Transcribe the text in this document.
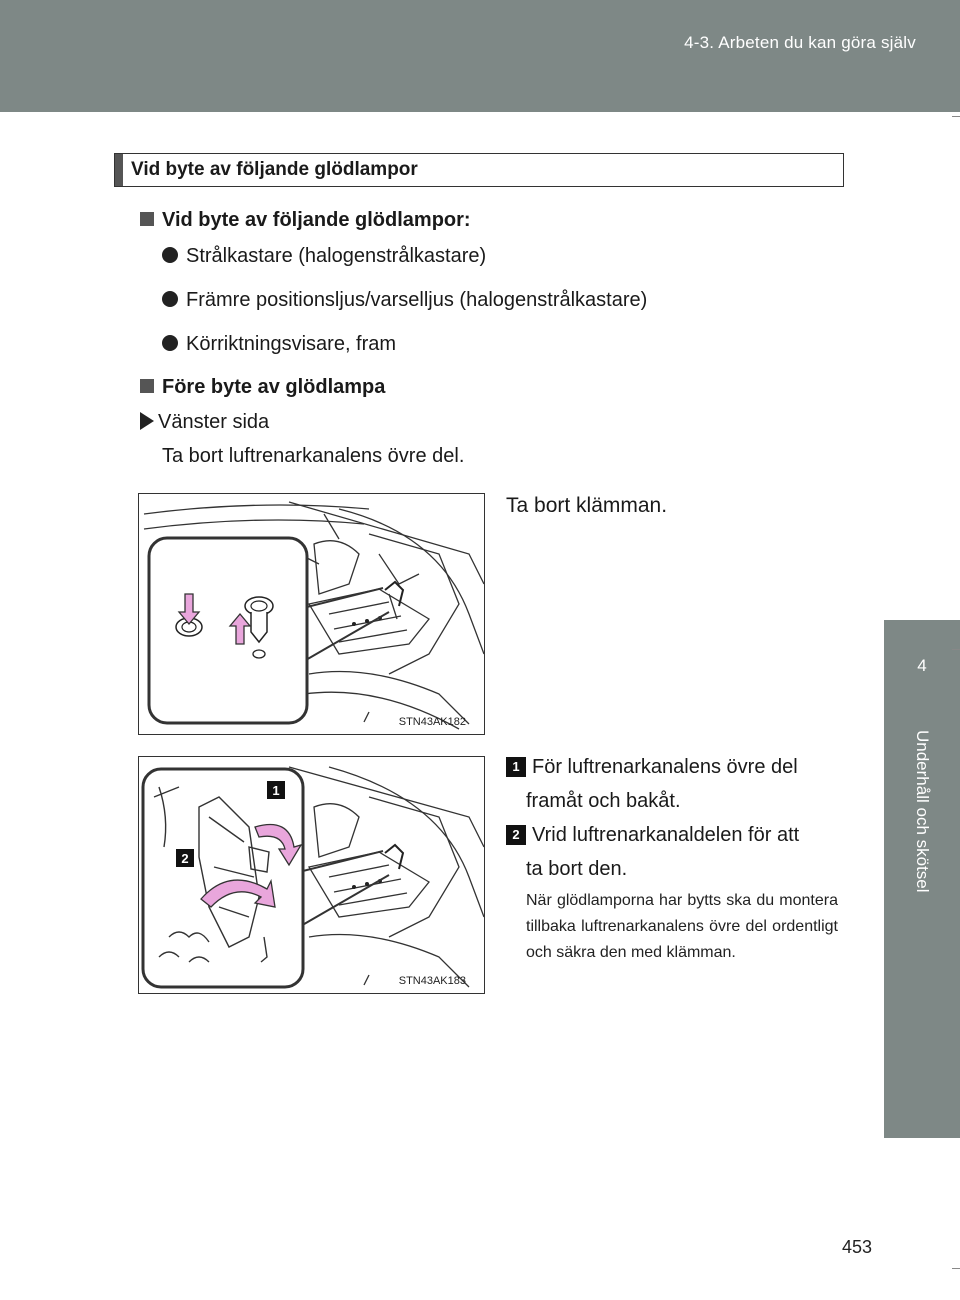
4-3. Arbeten du kan göra själv
4
Underhåll och skötsel
Vid byte av följande glödlampor
Vid byte av följande glödlampor:
Strålkastare (halogenstrålkastare)
Främre positionsljus/varselljus (halogenstrålkastare)
Körriktningsvisare, fram
Före byte av glödlampa
Vänster sida
Ta bort luftrenarkanalens övre del.
STN43AK182
Ta bort klämman.
1
2
STN43AK183
1 För luftrenarkanalens övre del
framåt och bakåt.
2 Vrid luftrenarkanaldelen för att
ta bort den.
När glödlamporna har bytts ska du montera tillbaka luftrenarkanalens övre del ordentligt och säkra den med klämman.
453
